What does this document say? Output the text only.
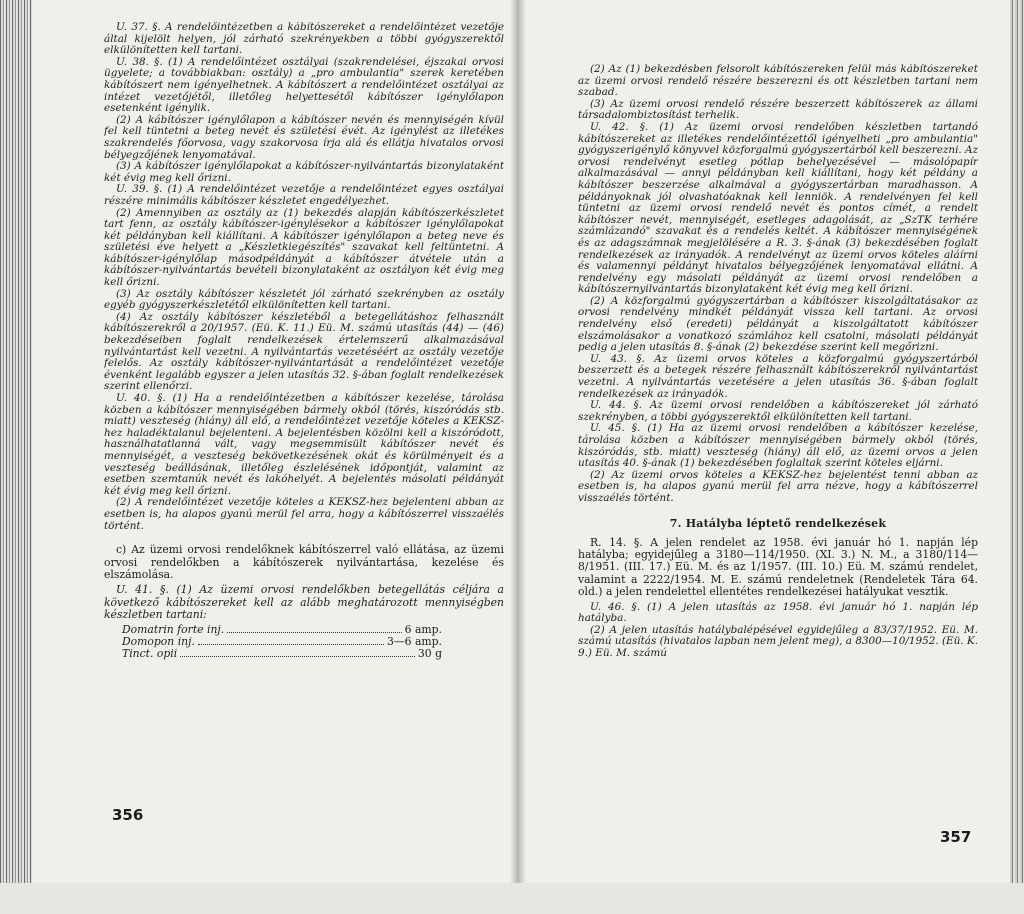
U. 37. §. A rendelőintézetben a kábítószereket a rendelőintézet vezetője által kijelölt helyen, jól zárható szekrényekben a többi gyógyszerektől elkülönítetten kell tartani.

U. 38. §. (1) A rendelőintézet osztályai (szakrendelései, éjszakai orvosi ügyelete; a továbbiakban: osztály) a „pro ambulantia" szerek keretében kábítószert nem igényelhetnek. A kábítószert a rendelőintézet osztályai az intézet vezetőjétől, illetőleg helyettesétől kábítószer igénylőlapon esetenként igénylik.

(2) A kábítószer igénylőlapon a kábítószer nevén és mennyiségén kívül fel kell tüntetni a beteg nevét és születési évét. Az igénylést az illetékes szakrendelés főorvosa, vagy szakorvosa írja alá és ellátja hivatalos orvosi bélyegzőjének lenyomatával.

(3) A kábítószer igénylőlapokat a kábítószer-nyilvántartás bizonylataként két évig meg kell őrizni.

U. 39. §. (1) A rendelőintézet vezetője a rendelőintézet egyes osztályai részére minimális kábítószer készletet engedélyezhet.

(2) Amennyiben az osztály az (1) bekezdés alapján kábítószerkészletet tart fenn, az osztály kábítószer-igénylésekor a kábítószer igénylőlapokat két példányban kell kiállítani. A kábítószer igénylőlapon a beteg neve és születési éve helyett a „Készletkiegészítés" szavakat kell feltüntetni. A kábítószer-igénylőlap másodpéldányát a kábítószer átvétele után a kábítószer-nyilvántartás bevételi bizonylataként az osztályon két évig meg kell őrizni.

(3) Az osztály kábítószer készletét jól zárható szekrényben az osztály egyéb gyógyszerkészletétől elkülönítetten kell tartani.

(4) Az osztály kábítószer készletéből a betegellátáshoz felhasznált kábítószerekről a 20/1957. (Eü. K. 11.) Eü. M. számú utasítás (44) — (46) bekezdéseiben foglalt rendelkezések értelemszerű alkalmazásával nyilvántartást kell vezetni. A nyilvántartás vezetéséért az osztály vezetője felelős. Az osztály kábítószer-nyilvántartását a rendelőintézet vezetője évenként legalább egyszer a jelen utasítás 32. §-ában foglalt rendelkezések szerint ellenőrzi.

U. 40. §. (1) Ha a rendelőintézetben a kábítószer kezelése, tárolása közben a kábítószer mennyiségében bármely okból (törés, kiszóródás stb. miatt) veszteség (hiány) áll elő, a rendelőintézet vezetője köteles a KEKSZ-hez haladéktalanul bejelenteni. A bejelentésben közölni kell a kiszóródott, használhatatlanná vált, vagy megsemmisült kábítószer nevét és mennyiségét, a veszteség bekövetkezésének okát és körülményeit és a veszteség beállásának, illetőleg észlelésének időpontját, valamint az esetben szemtanúk nevét és lakóhelyét. A bejelentés másolati példányát két évig meg kell őrizni.

(2) A rendelőintézet vezetője köteles a KEKSZ-hez bejelenteni abban az esetben is, ha alapos gyanú merül fel arra, hogy a kábítószerrel visszaélés történt.

c) Az üzemi orvosi rendelőknek kábítószerrel való ellátása, az üzemi orvosi rendelőkben a kábítószerek nyilvántartása, kezelése és elszámolása.

U. 41. §. (1) Az üzemi orvosi rendelőkben betegellátás céljára a következő kábítószereket kell az alább meghatározott mennyiségben készletben tartani:

Domatrin forte inj.	6 amp.
Domopon inj.	3—6 amp.
Tinct. opii	30 g
356

(2) Az (1) bekezdésben felsorolt kábítószereken felül más kábítószereket az üzemi orvosi rendelő részére beszerezni és ott készletben tartani nem szabad.

(3) Az üzemi orvosi rendelő részére beszerzett kábítószerek az állami társadalombiztosítást terhelik.

U. 42. §. (1) Az üzemi orvosi rendelőben készletben tartandó kábítószereket az illetékes rendelőintézettől igényelheti „pro ambulantia" gyógyszerigénylő könyvvel közforgalmú gyógyszertárból kell beszerezni. Az orvosi rendelvényt esetleg pótlap behelyezésével — másolópapír alkalmazásával — annyi példányban kell kiállítani, hogy két példány a kábítószer beszerzése alkalmával a gyógyszertárban maradhasson. A példányoknak jól olvashatóaknak kell lenniök. A rendelvényen fel kell tüntetni az üzemi orvosi rendelő nevét és pontos címét, a rendelt kábítószer nevét, mennyiségét, esetleges adagolását, az „SzTK terhére számlázandó" szavakat és a rendelés keltét. A kábítószer mennyiségének és az adagszámnak megjelölésére a R. 3. §-ának (3) bekezdésében foglalt rendelkezések az irányadók. A rendelvényt az üzemi orvos köteles aláírni és valamennyi példányt hivatalos bélyegzőjének lenyomatával ellátni. A rendelvény egy másolati példányát az üzemi orvosi rendelőben a kábítószernyilvántartás bizonylataként két évig meg kell őrizni.

(2) A közforgalmú gyógyszertárban a kábítószer kiszolgáltatásakor az orvosi rendelvény mindkét példányát vissza kell tartani. Az orvosi rendelvény első (eredeti) példányát a kiszolgáltatott kábítószer elszámolásakor a vonatkozó számlához kell csatolni, másolati példányát pedig a jelen utasítás 8. §-ának (2) bekezdése szerint kell megőrizni.

U. 43. §. Az üzemi orvos köteles a közforgalmú gyógyszertárból beszerzett és a betegek részére felhasznált kábítószerekről nyilvántartást vezetni. A nyilvántartás vezetésére a jelen utasítás 36. §-ában foglalt rendelkezések az irányadók.

U. 44. §. Az üzemi orvosi rendelőben a kábítószereket jól zárható szekrényben, a többi gyógyszerektől elkülönítetten kell tartani.

U. 45. §. (1) Ha az üzemi orvosi rendelőben a kábítószer kezelése, tárolása közben a kábítószer mennyiségében bármely okból (törés, kiszóródás, stb. miatt) veszteség (hiány) áll elő, az üzemi orvos a jelen utasítás 40. §-ának (1) bekezdésében foglaltak szerint köteles eljárni.

(2) Az üzemi orvos köteles a KEKSZ-hez bejelentést tenni abban az esetben is, ha alapos gyanú merül fel arra nézve, hogy a kábítószerrel visszaélés történt.

7. Hatályba léptető rendelkezések

R. 14. §. A jelen rendelet az 1958. évi január hó 1. napján lép hatályba; egyidejűleg a 3180—114/1950. (XI. 3.) N. M., a 3180/114—8/1951. (III. 17.) Eü. M. és az 1/1957. (III. 10.) Eü. M. számú rendelet, valamint a 2222/1954. M. E. számú rendeletnek (Rendeletek Tára 64. old.) a jelen rendelettel ellentétes rendelkezései hatályukat vesztik.

U. 46. §. (1) A jelen utasítás az 1958. évi január hó 1. napján lép hatályba.

(2) A jelen utasítás hatálybalépésével egyidejűleg a 83/37/1952. Eü. M. számú utasítás (hivatalos lapban nem jelent meg), a 8300—10/1952. (Eü. K. 9.) Eü. M. számú

357
